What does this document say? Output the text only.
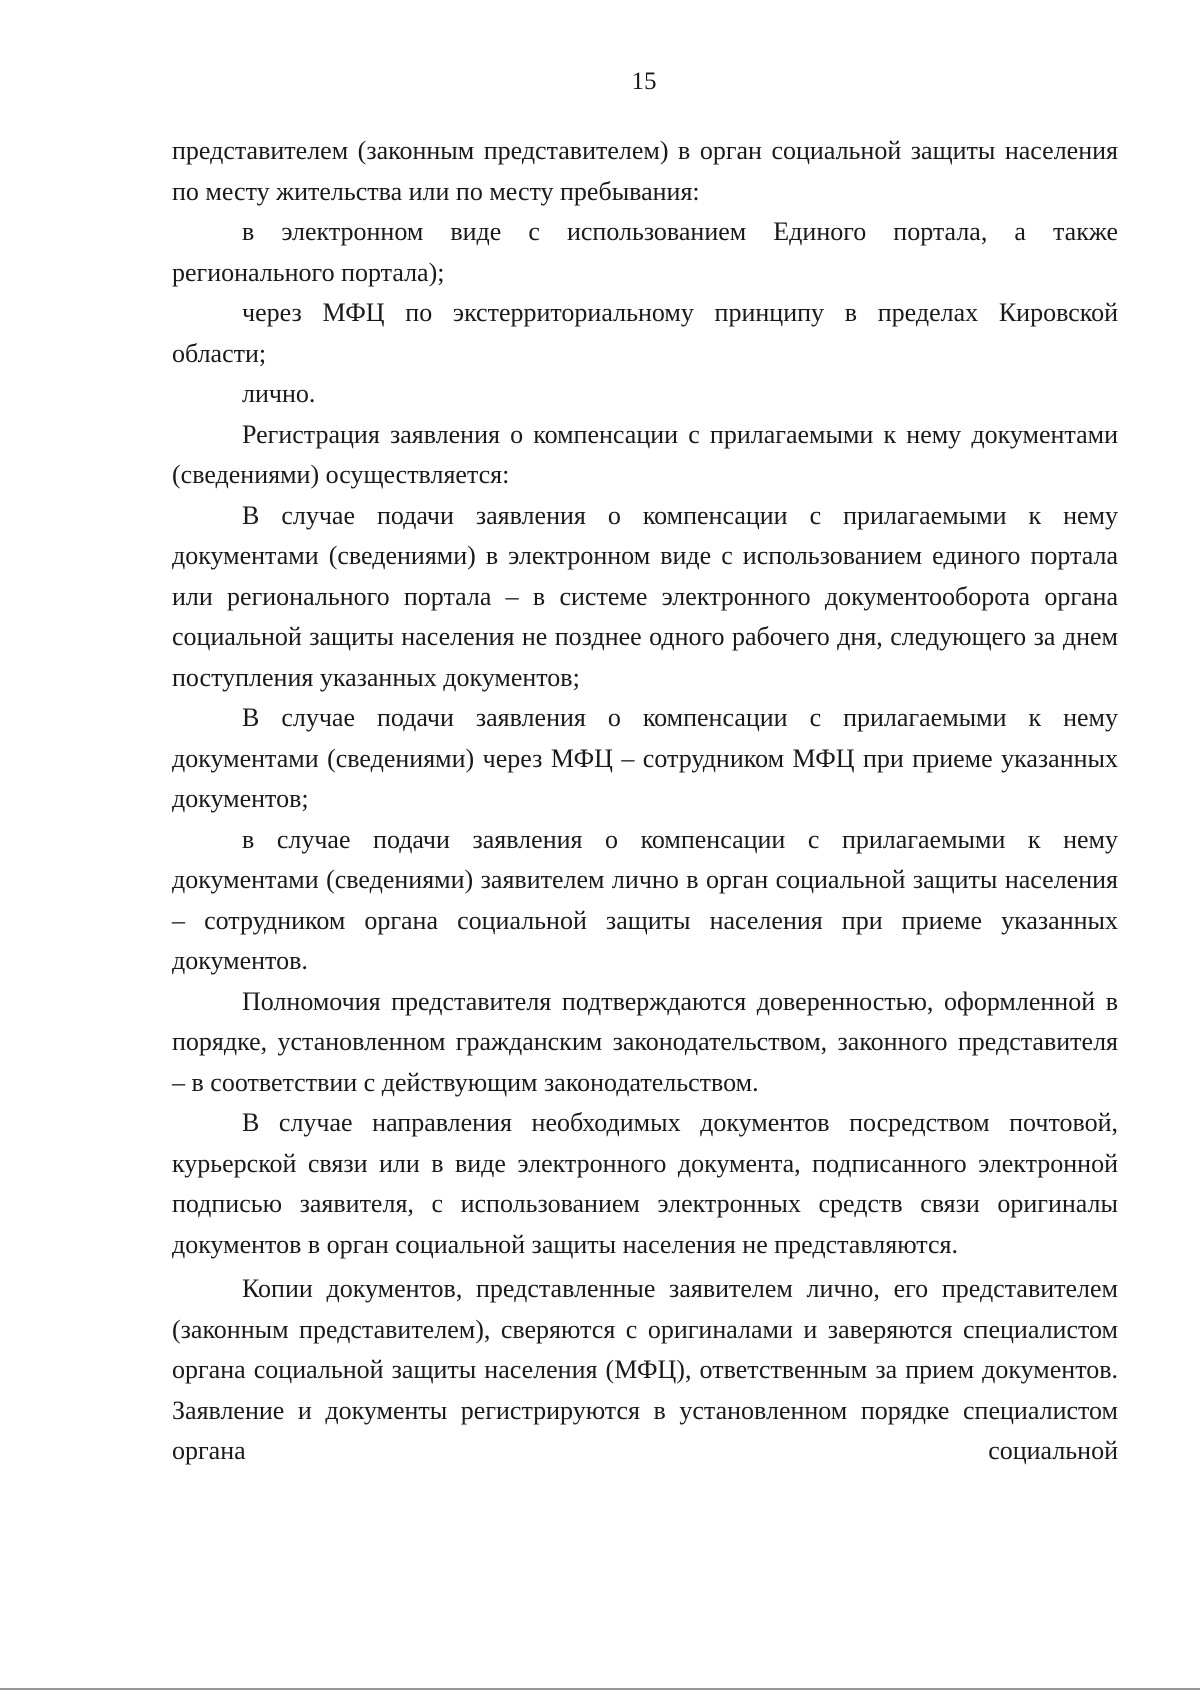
15

представителем (законным представителем) в орган социальной защиты населения по месту жительства или по месту пребывания:

в электронном виде с использованием Единого портала, а также регионального портала);

через МФЦ по экстерриториальному принципу в пределах Кировской области;

лично.

Регистрация заявления о компенсации с прилагаемыми к нему документами (сведениями) осуществляется:

В случае подачи заявления о компенсации с прилагаемыми к нему документами (сведениями) в электронном виде с использованием единого портала или регионального портала – в системе электронного документооборота органа социальной защиты населения не позднее одного рабочего дня, следующего за днем поступления указанных документов;

В случае подачи заявления о компенсации с прилагаемыми к нему документами (сведениями) через МФЦ – сотрудником МФЦ при приеме указанных документов;

в случае подачи заявления о компенсации с прилагаемыми к нему документами (сведениями) заявителем лично в орган социальной защиты населения – сотрудником органа социальной защиты населения при приеме указанных документов.

Полномочия представителя подтверждаются доверенностью, оформленной в порядке, установленном гражданским законодательством, законного представителя – в соответствии с действующим законодательством.

В случае направления необходимых документов посредством почтовой, курьерской связи или в виде электронного документа, подписанного электронной подписью заявителя, с использованием электронных средств связи оригиналы документов в орган социальной защиты населения не представляются.

Копии документов, представленные заявителем лично, его представителем (законным представителем), сверяются с оригиналами и заверяются специалистом органа социальной защиты населения (МФЦ), ответственным за прием документов. Заявление и документы регистрируются в установленном порядке специалистом органа социальной
